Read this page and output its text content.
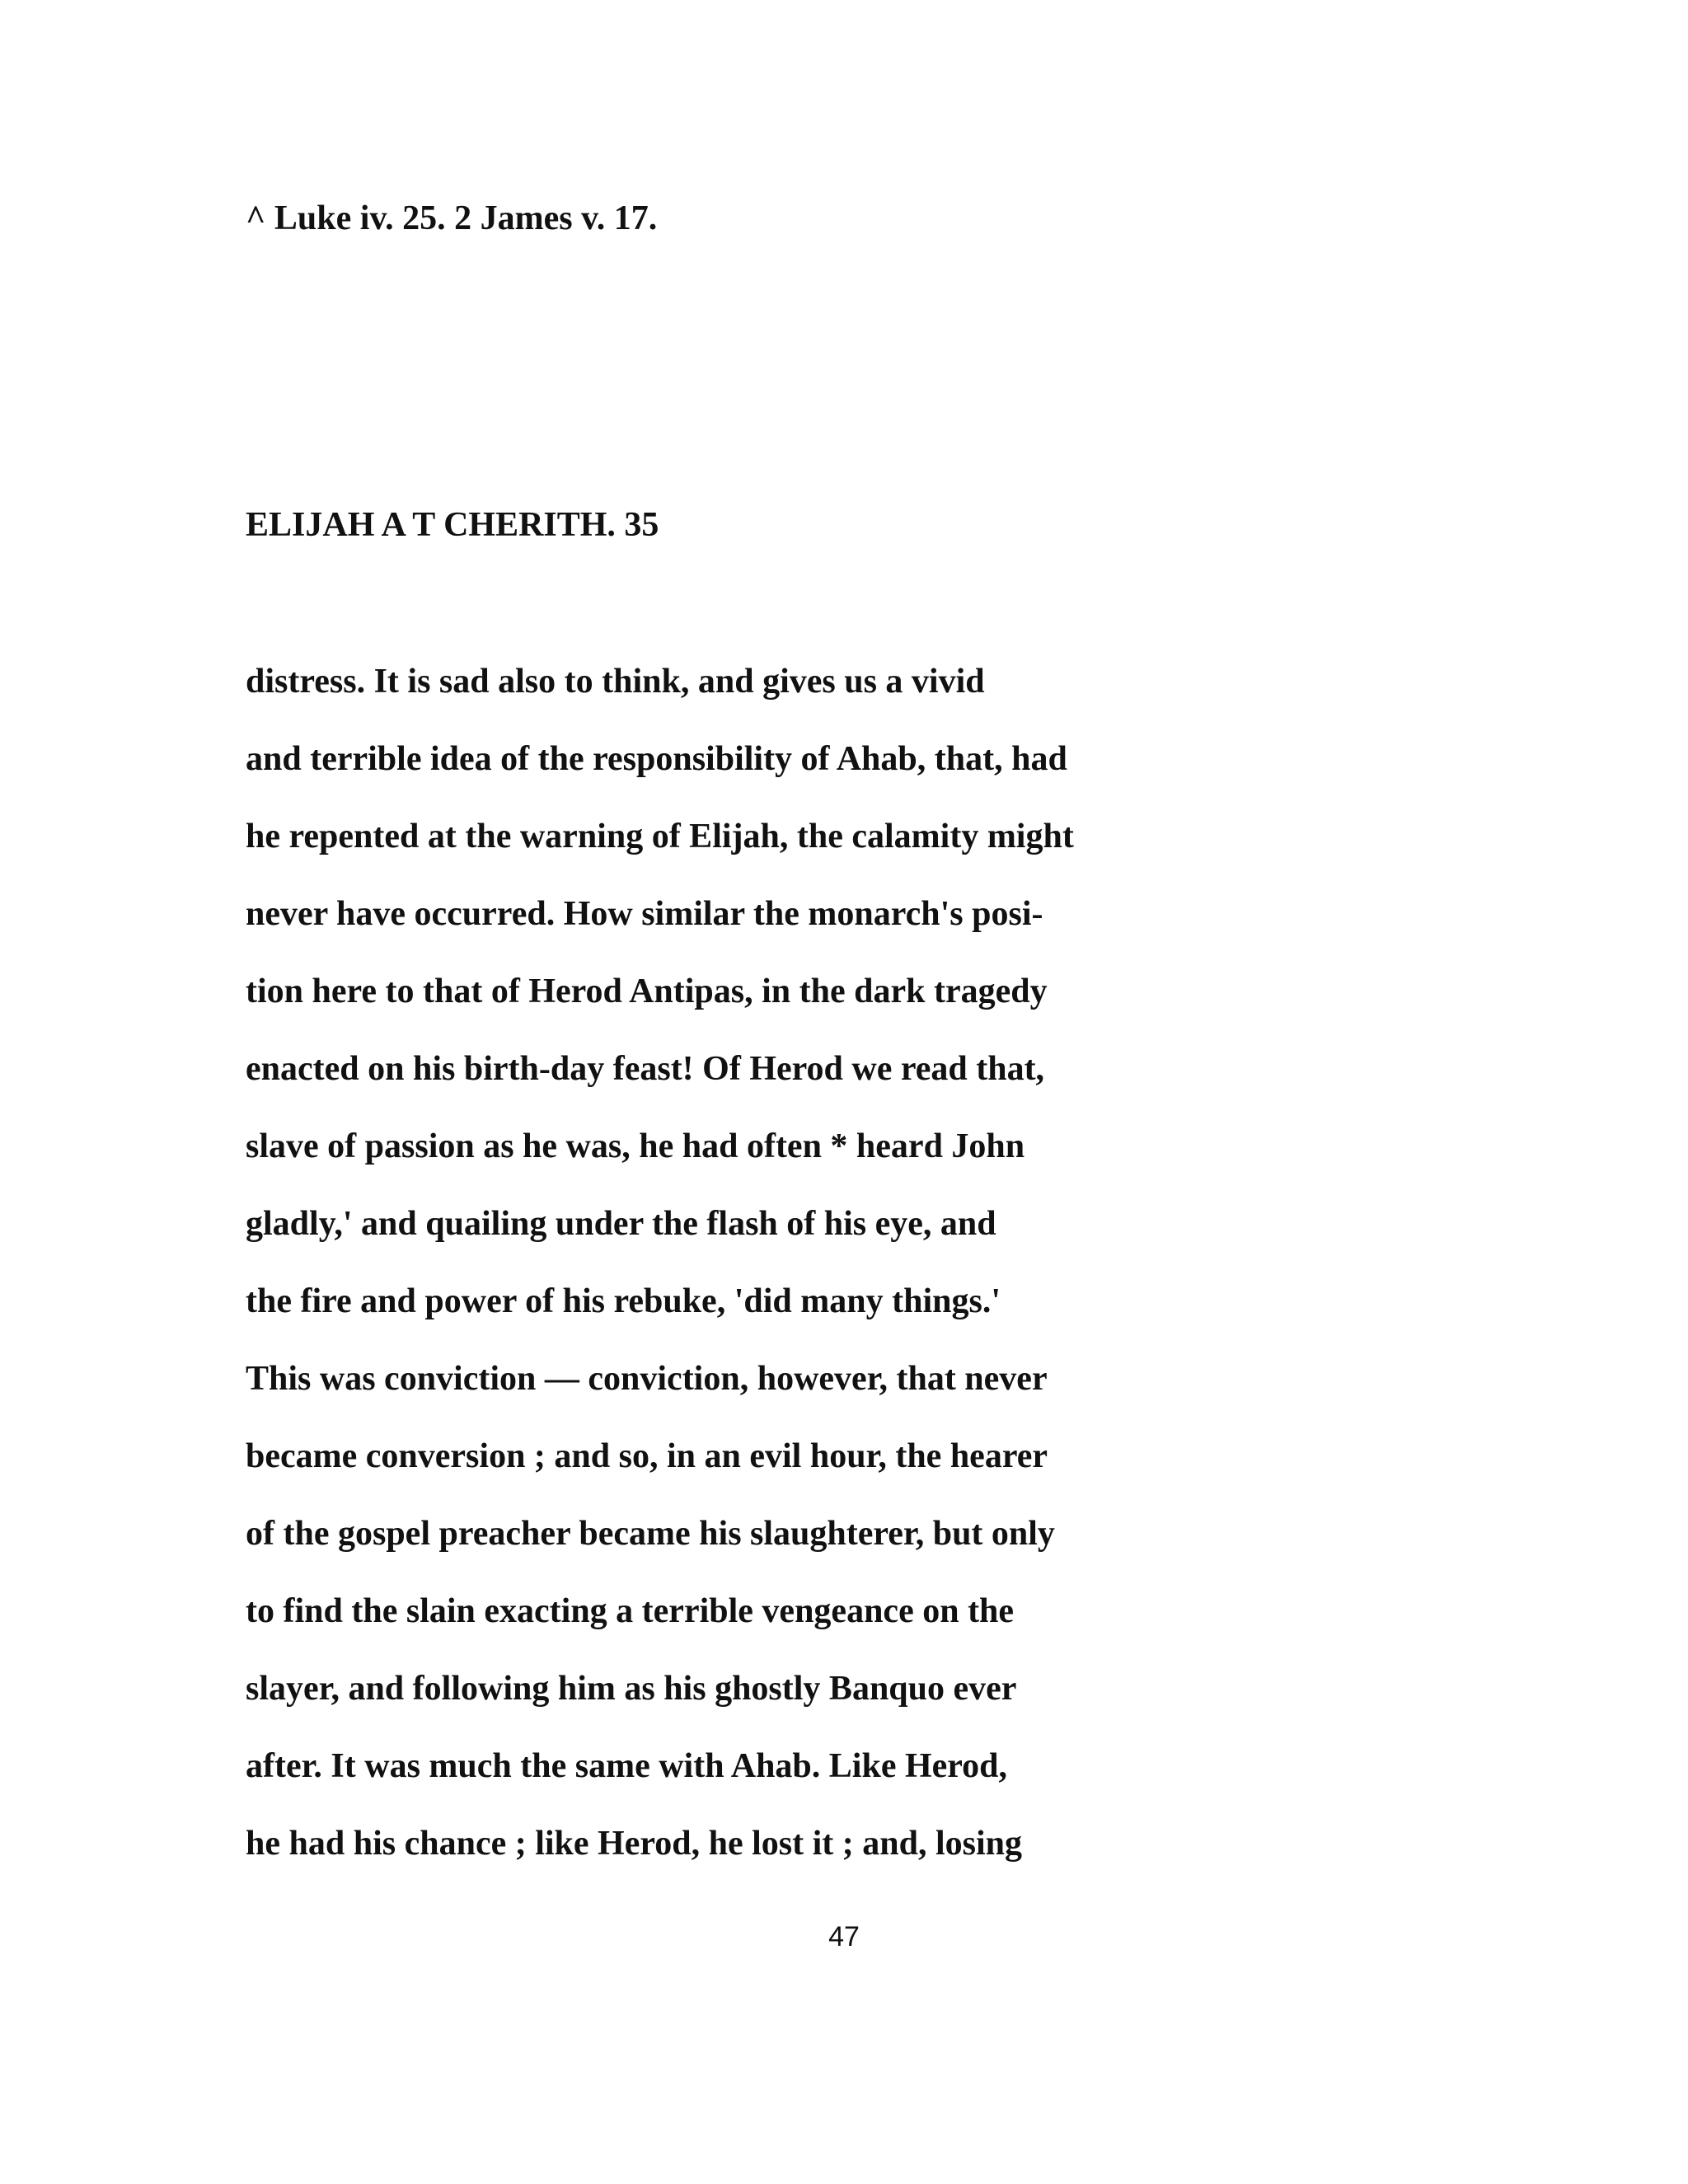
^ Luke iv. 25. 2 James v. 17.

ELIJAH A T CHERITH. 35

distress. It is sad also to think, and gives us a vivid

and terrible idea of the responsibility of Ahab, that, had

he repented at the warning of Elijah, the calamity might

never have occurred. How similar the monarch's posi-

tion here to that of Herod Antipas, in the dark tragedy

enacted on his birth-day feast! Of Herod we read that,

slave of passion as he was, he had often * heard John

gladly,' and quailing under the flash of his eye, and

the fire and power of his rebuke, 'did many things.'

This was conviction — conviction, however, that never

became conversion ; and so, in an evil hour, the hearer

of the gospel preacher became his slaughterer, but only

to find the slain exacting a terrible vengeance on the

slayer, and following him as his ghostly Banquo ever

after. It was much the same with Ahab. Like Herod,

he had his chance ; like Herod, he lost it ; and, losing

47
